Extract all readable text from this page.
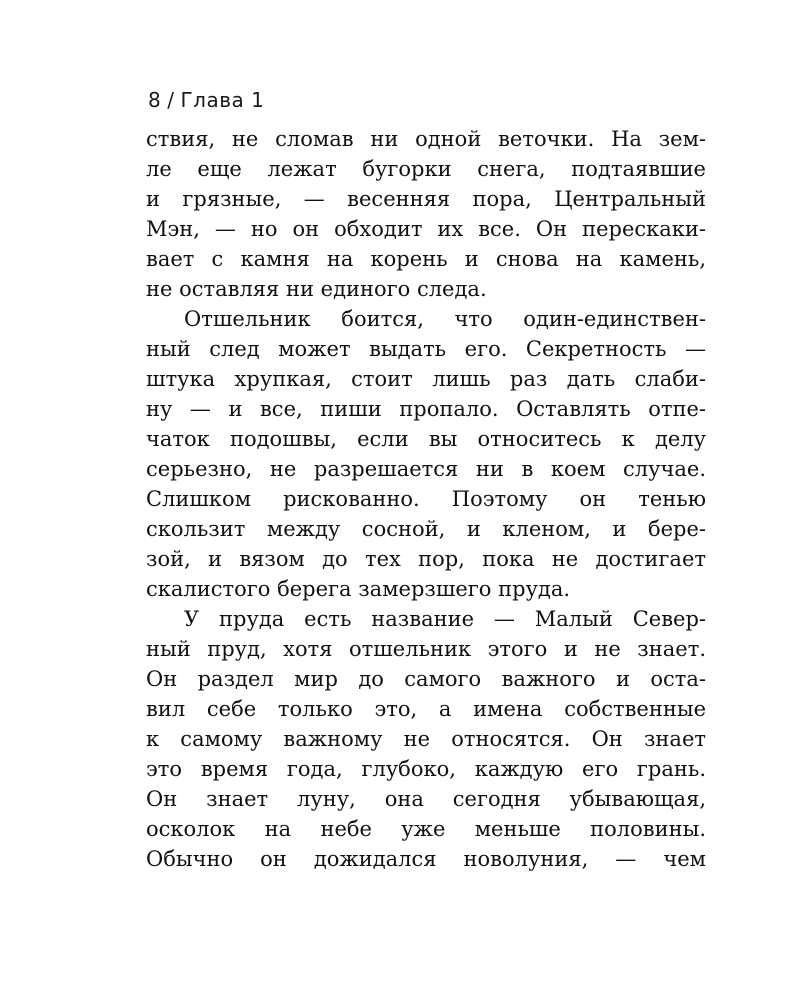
8 / Глава 1
ствия, не сломав ни одной веточки. На зем-
ле еще лежат бугорки снега, подтаявшие
и грязные, — весенняя пора, Центральный
Мэн, — но он обходит их все. Он перескаки-
вает с камня на корень и снова на камень,
не оставляя ни единого следа.
Отшельник боится, что один-единствен-
ный след может выдать его. Секретность —
штука хрупкая, стоит лишь раз дать слаби-
ну — и все, пиши пропало. Оставлять отпе-
чаток подошвы, если вы относитесь к делу
серьезно, не разрешается ни в коем случае.
Слишком рискованно. Поэтому он тенью
скользит между сосной, и кленом, и бере-
зой, и вязом до тех пор, пока не достигает
скалистого берега замерзшего пруда.
У пруда есть название — Малый Север-
ный пруд, хотя отшельник этого и не знает.
Он раздел мир до самого важного и оста-
вил себе только это, а имена собственные
к самому важному не относятся. Он знает
это время года, глубоко, каждую его грань.
Он знает луну, она сегодня убывающая,
осколок на небе уже меньше половины.
Обычно он дожидался новолуния, — чем
